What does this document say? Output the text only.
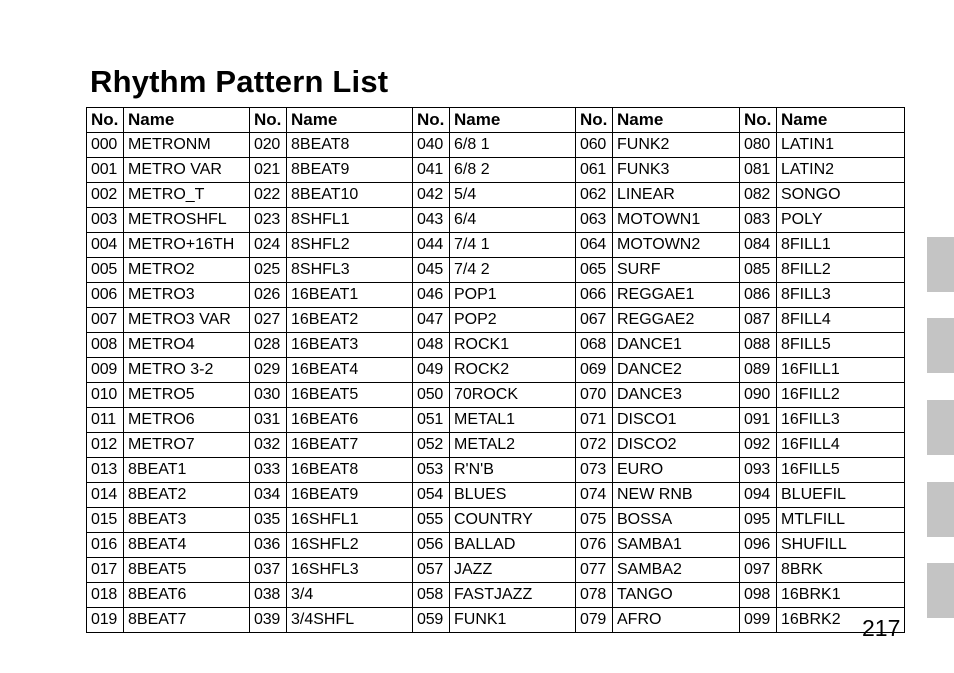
Rhythm Pattern List
No.	Name	No.	Name	No.	Name	No.	Name	No.	Name
000	METRONM	020	8BEAT8	040	6/8 1	060	FUNK2	080	LATIN1
001	METRO VAR	021	8BEAT9	041	6/8 2	061	FUNK3	081	LATIN2
002	METRO_T	022	8BEAT10	042	5/4	062	LINEAR	082	SONGO
003	METROSHFL	023	8SHFL1	043	6/4	063	MOTOWN1	083	POLY
004	METRO+16TH	024	8SHFL2	044	7/4 1	064	MOTOWN2	084	8FILL1
005	METRO2	025	8SHFL3	045	7/4 2	065	SURF	085	8FILL2
006	METRO3	026	16BEAT1	046	POP1	066	REGGAE1	086	8FILL3
007	METRO3 VAR	027	16BEAT2	047	POP2	067	REGGAE2	087	8FILL4
008	METRO4	028	16BEAT3	048	ROCK1	068	DANCE1	088	8FILL5
009	METRO 3-2	029	16BEAT4	049	ROCK2	069	DANCE2	089	16FILL1
010	METRO5	030	16BEAT5	050	70ROCK	070	DANCE3	090	16FILL2
011	METRO6	031	16BEAT6	051	METAL1	071	DISCO1	091	16FILL3
012	METRO7	032	16BEAT7	052	METAL2	072	DISCO2	092	16FILL4
013	8BEAT1	033	16BEAT8	053	R'N'B	073	EURO	093	16FILL5
014	8BEAT2	034	16BEAT9	054	BLUES	074	NEW RNB	094	BLUEFIL
015	8BEAT3	035	16SHFL1	055	COUNTRY	075	BOSSA	095	MTLFILL
016	8BEAT4	036	16SHFL2	056	BALLAD	076	SAMBA1	096	SHUFILL
017	8BEAT5	037	16SHFL3	057	JAZZ	077	SAMBA2	097	8BRK
018	8BEAT6	038	3/4	058	FASTJAZZ	078	TANGO	098	16BRK1
019	8BEAT7	039	3/4SHFL	059	FUNK1	079	AFRO	099	16BRK2 217
